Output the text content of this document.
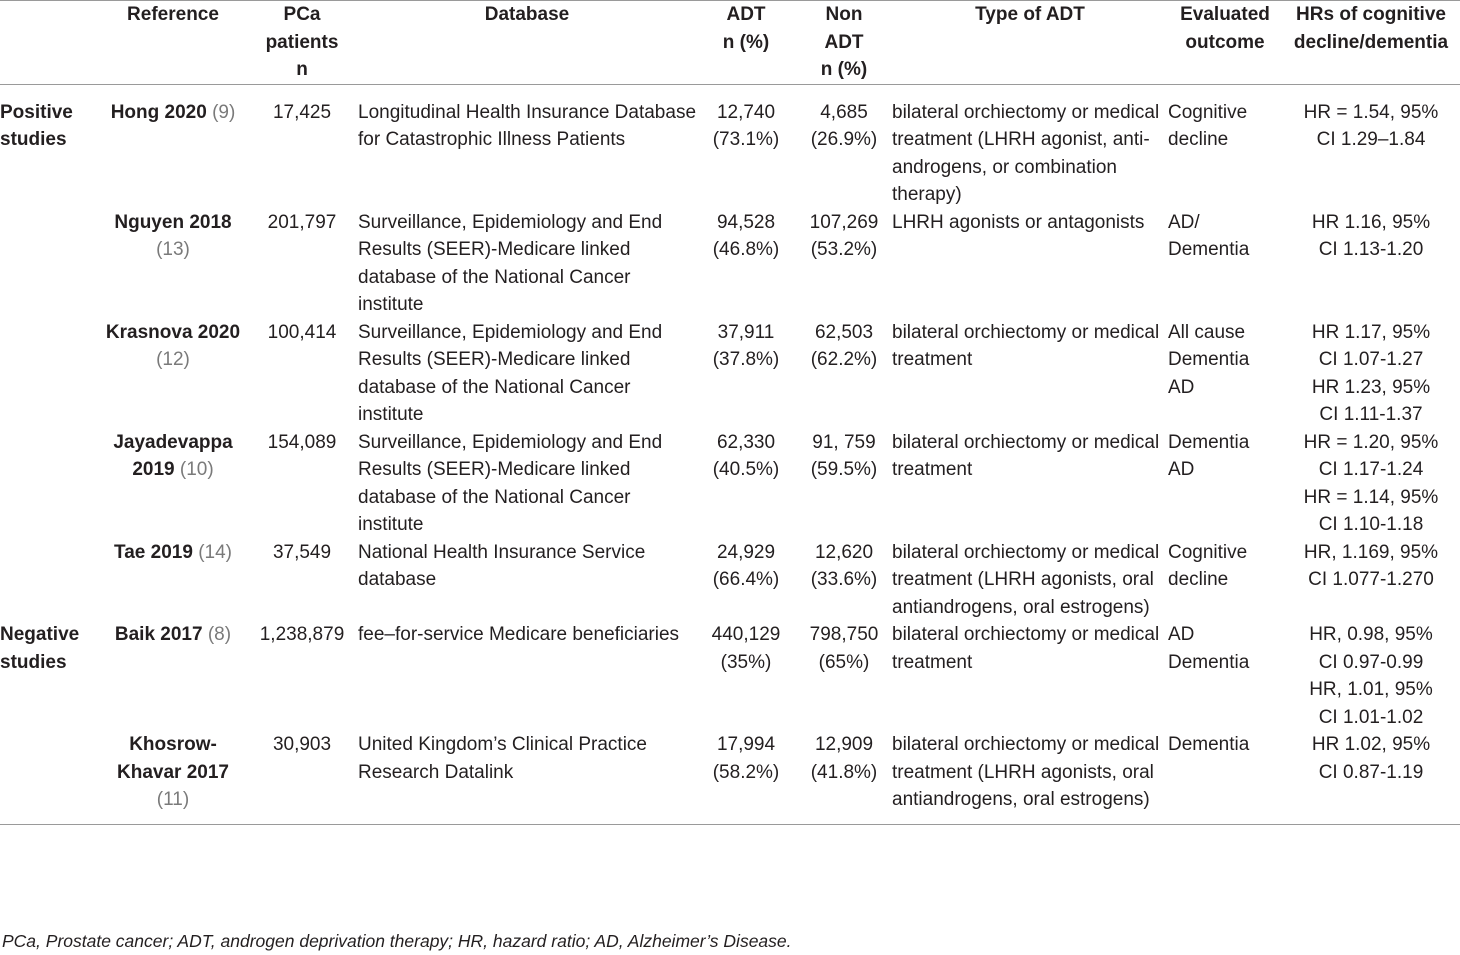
	Reference	PCa
patients
n	Database	ADT
n (%)	Non
ADT
n (%)	Type of ADT	Evaluated
outcome	HRs of cognitive
decline/dementia

Positive
studies	Hong 2020 (9)	17,425	Longitudinal Health Insurance Database for Catastrophic Illness Patients	12,740
(73.1%)	4,685
(26.9%)	bilateral orchiectomy or medical treatment (LHRH agonist, anti-androgens, or combination therapy)	Cognitive
decline	HR = 1.54, 95%
CI 1.29–1.84

	Nguyen 2018 (13)	201,797	Surveillance, Epidemiology and End Results (SEER)-Medicare linked database of the National Cancer institute	94,528
(46.8%)	107,269
(53.2%)	LHRH agonists or antagonists	AD/
Dementia	HR 1.16, 95%
CI 1.13-1.20

	Krasnova 2020 (12)	100,414	Surveillance, Epidemiology and End Results (SEER)-Medicare linked database of the National Cancer institute	37,911
(37.8%)	62,503
(62.2%)	bilateral orchiectomy or medical treatment	All cause
Dementia
AD	HR 1.17, 95%
CI 1.07-1.27
HR 1.23, 95%
CI 1.11-1.37

	Jayadevappa 2019 (10)	154,089	Surveillance, Epidemiology and End Results (SEER)-Medicare linked database of the National Cancer institute	62,330
(40.5%)	91, 759
(59.5%)	bilateral orchiectomy or medical treatment	Dementia
AD	HR = 1.20, 95%
CI 1.17-1.24
HR = 1.14, 95%
CI 1.10-1.18

	Tae 2019 (14)	37,549	National Health Insurance Service database	24,929
(66.4%)	12,620
(33.6%)	bilateral orchiectomy or medical treatment (LHRH agonists, oral antiandrogens, oral estrogens)	Cognitive
decline	HR, 1.169, 95%
CI 1.077-1.270

Negative
studies	Baik 2017 (8)	1,238,879	fee–for-service Medicare beneficiaries	440,129
(35%)	798,750
(65%)	bilateral orchiectomy or medical treatment	AD
Dementia	HR, 0.98, 95%
CI 0.97-0.99
HR, 1.01, 95%
CI 1.01-1.02

	Khosrow-Khavar 2017 (11)	30,903	United Kingdom’s Clinical Practice Research Datalink	17,994
(58.2%)	12,909
(41.8%)	bilateral orchiectomy or medical treatment (LHRH agonists, oral antiandrogens, oral estrogens)	Dementia	HR 1.02, 95%
CI 0.87-1.19
PCa, Prostate cancer; ADT, androgen deprivation therapy; HR, hazard ratio; AD, Alzheimer’s Disease.
